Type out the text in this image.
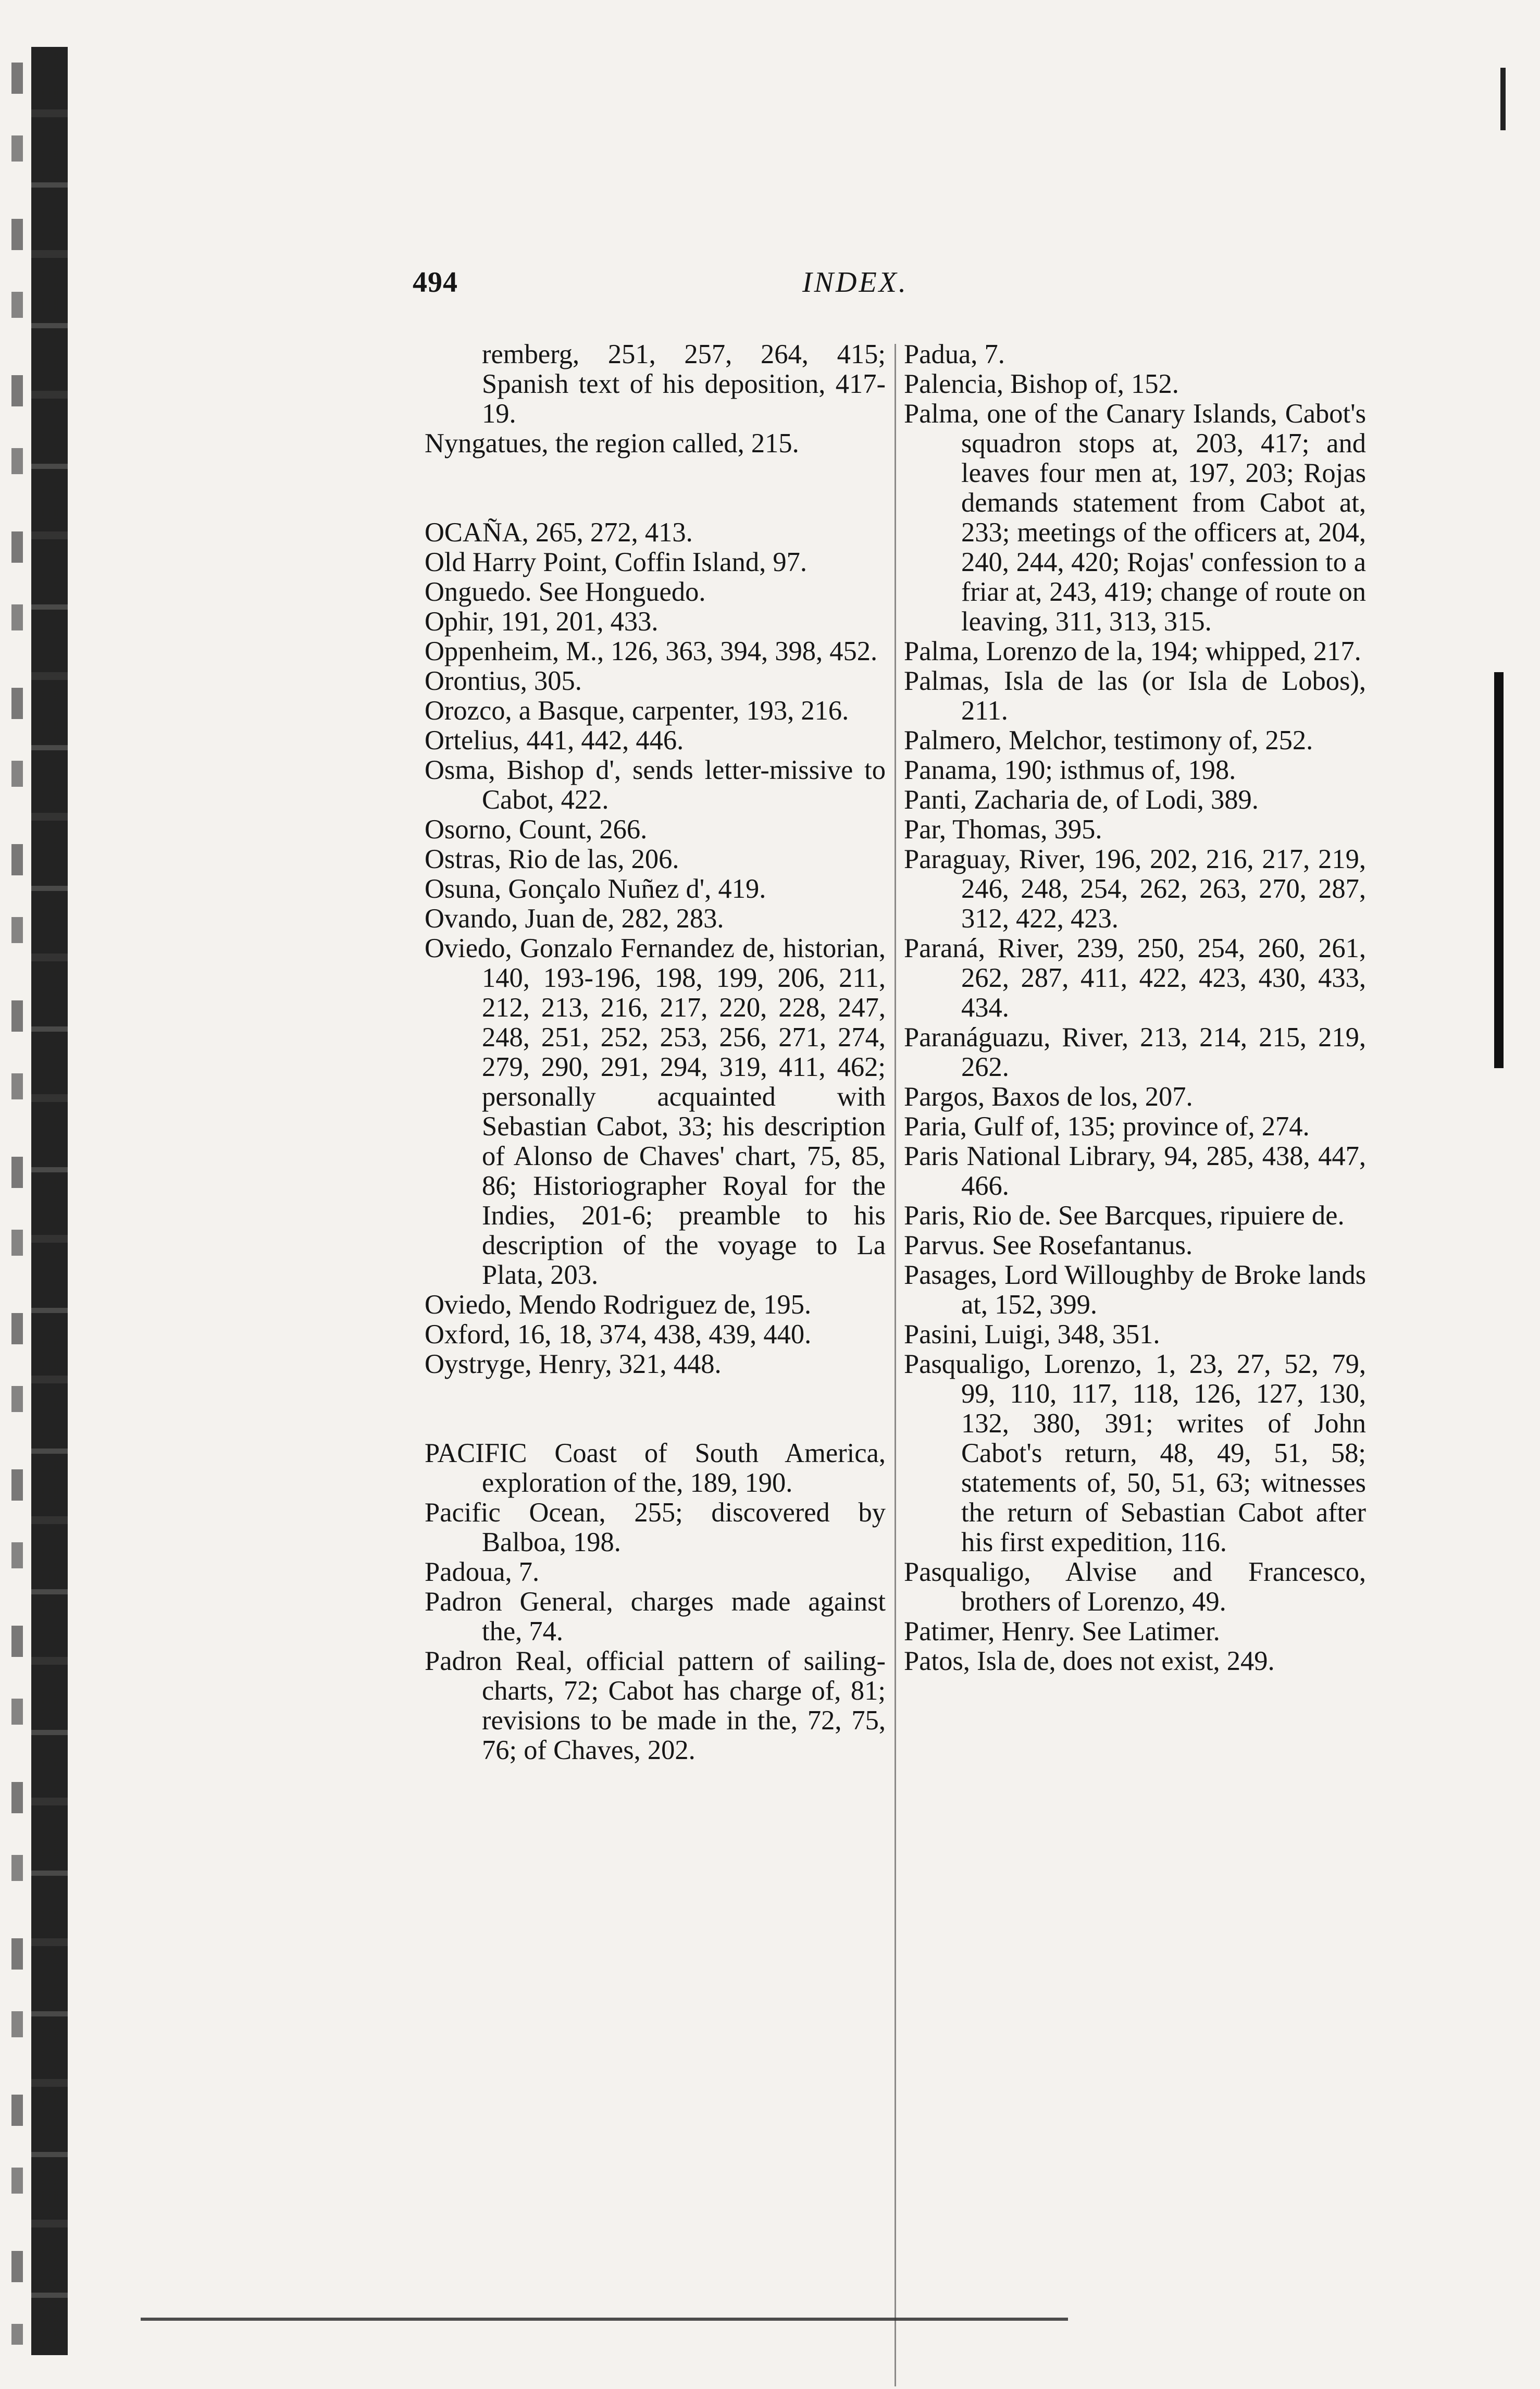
494	INDEX.
remberg, 251, 257, 264, 415; Spanish text of his deposition, 417-19.
Nyngatues, the region called, 215.
OCAÑA, 265, 272, 413.
Old Harry Point, Coffin Island, 97.
Onguedo. See Honguedo.
Ophir, 191, 201, 433.
Oppenheim, M., 126, 363, 394, 398, 452.
Orontius, 305.
Orozco, a Basque, carpenter, 193, 216.
Ortelius, 441, 442, 446.
Osma, Bishop d', sends letter-missive to Cabot, 422.
Osorno, Count, 266.
Ostras, Rio de las, 206.
Osuna, Gonçalo Nuñez d', 419.
Ovando, Juan de, 282, 283.
Oviedo, Gonzalo Fernandez de, historian, 140, 193-196, 198, 199, 206, 211, 212, 213, 216, 217, 220, 228, 247, 248, 251, 252, 253, 256, 271, 274, 279, 290, 291, 294, 319, 411, 462; personally acquainted with Sebastian Cabot, 33; his description of Alonso de Chaves' chart, 75, 85, 86; Historiographer Royal for the Indies, 201-6; preamble to his description of the voyage to La Plata, 203.
Oviedo, Mendo Rodriguez de, 195.
Oxford, 16, 18, 374, 438, 439, 440.
Oystryge, Henry, 321, 448.
PACIFIC Coast of South America, exploration of the, 189, 190.
Pacific Ocean, 255; discovered by Balboa, 198.
Padoua, 7.
Padron General, charges made against the, 74.
Padron Real, official pattern of sailing-charts, 72; Cabot has charge of, 81; revisions to be made in the, 72, 75, 76; of Chaves, 202.
Padua, 7.
Palencia, Bishop of, 152.
Palma, one of the Canary Islands, Cabot's squadron stops at, 203, 417; and leaves four men at, 197, 203; Rojas demands statement from Cabot at, 233; meetings of the officers at, 204, 240, 244, 420; Rojas' confession to a friar at, 243, 419; change of route on leaving, 311, 313, 315.
Palma, Lorenzo de la, 194; whipped, 217.
Palmas, Isla de las (or Isla de Lobos), 211.
Palmero, Melchor, testimony of, 252.
Panama, 190; isthmus of, 198.
Panti, Zacharia de, of Lodi, 389.
Par, Thomas, 395.
Paraguay, River, 196, 202, 216, 217, 219, 246, 248, 254, 262, 263, 270, 287, 312, 422, 423.
Paraná, River, 239, 250, 254, 260, 261, 262, 287, 411, 422, 423, 430, 433, 434.
Paranáguazu, River, 213, 214, 215, 219, 262.
Pargos, Baxos de los, 207.
Paria, Gulf of, 135; province of, 274.
Paris National Library, 94, 285, 438, 447, 466.
Paris, Rio de. See Barcques, ripuiere de.
Parvus. See Rosefantanus.
Pasages, Lord Willoughby de Broke lands at, 152, 399.
Pasini, Luigi, 348, 351.
Pasqualigo, Lorenzo, 1, 23, 27, 52, 79, 99, 110, 117, 118, 126, 127, 130, 132, 380, 391; writes of John Cabot's return, 48, 49, 51, 58; statements of, 50, 51, 63; witnesses the return of Sebastian Cabot after his first expedition, 116.
Pasqualigo, Alvise and Francesco, brothers of Lorenzo, 49.
Patimer, Henry. See Latimer.
Patos, Isla de, does not exist, 249.
